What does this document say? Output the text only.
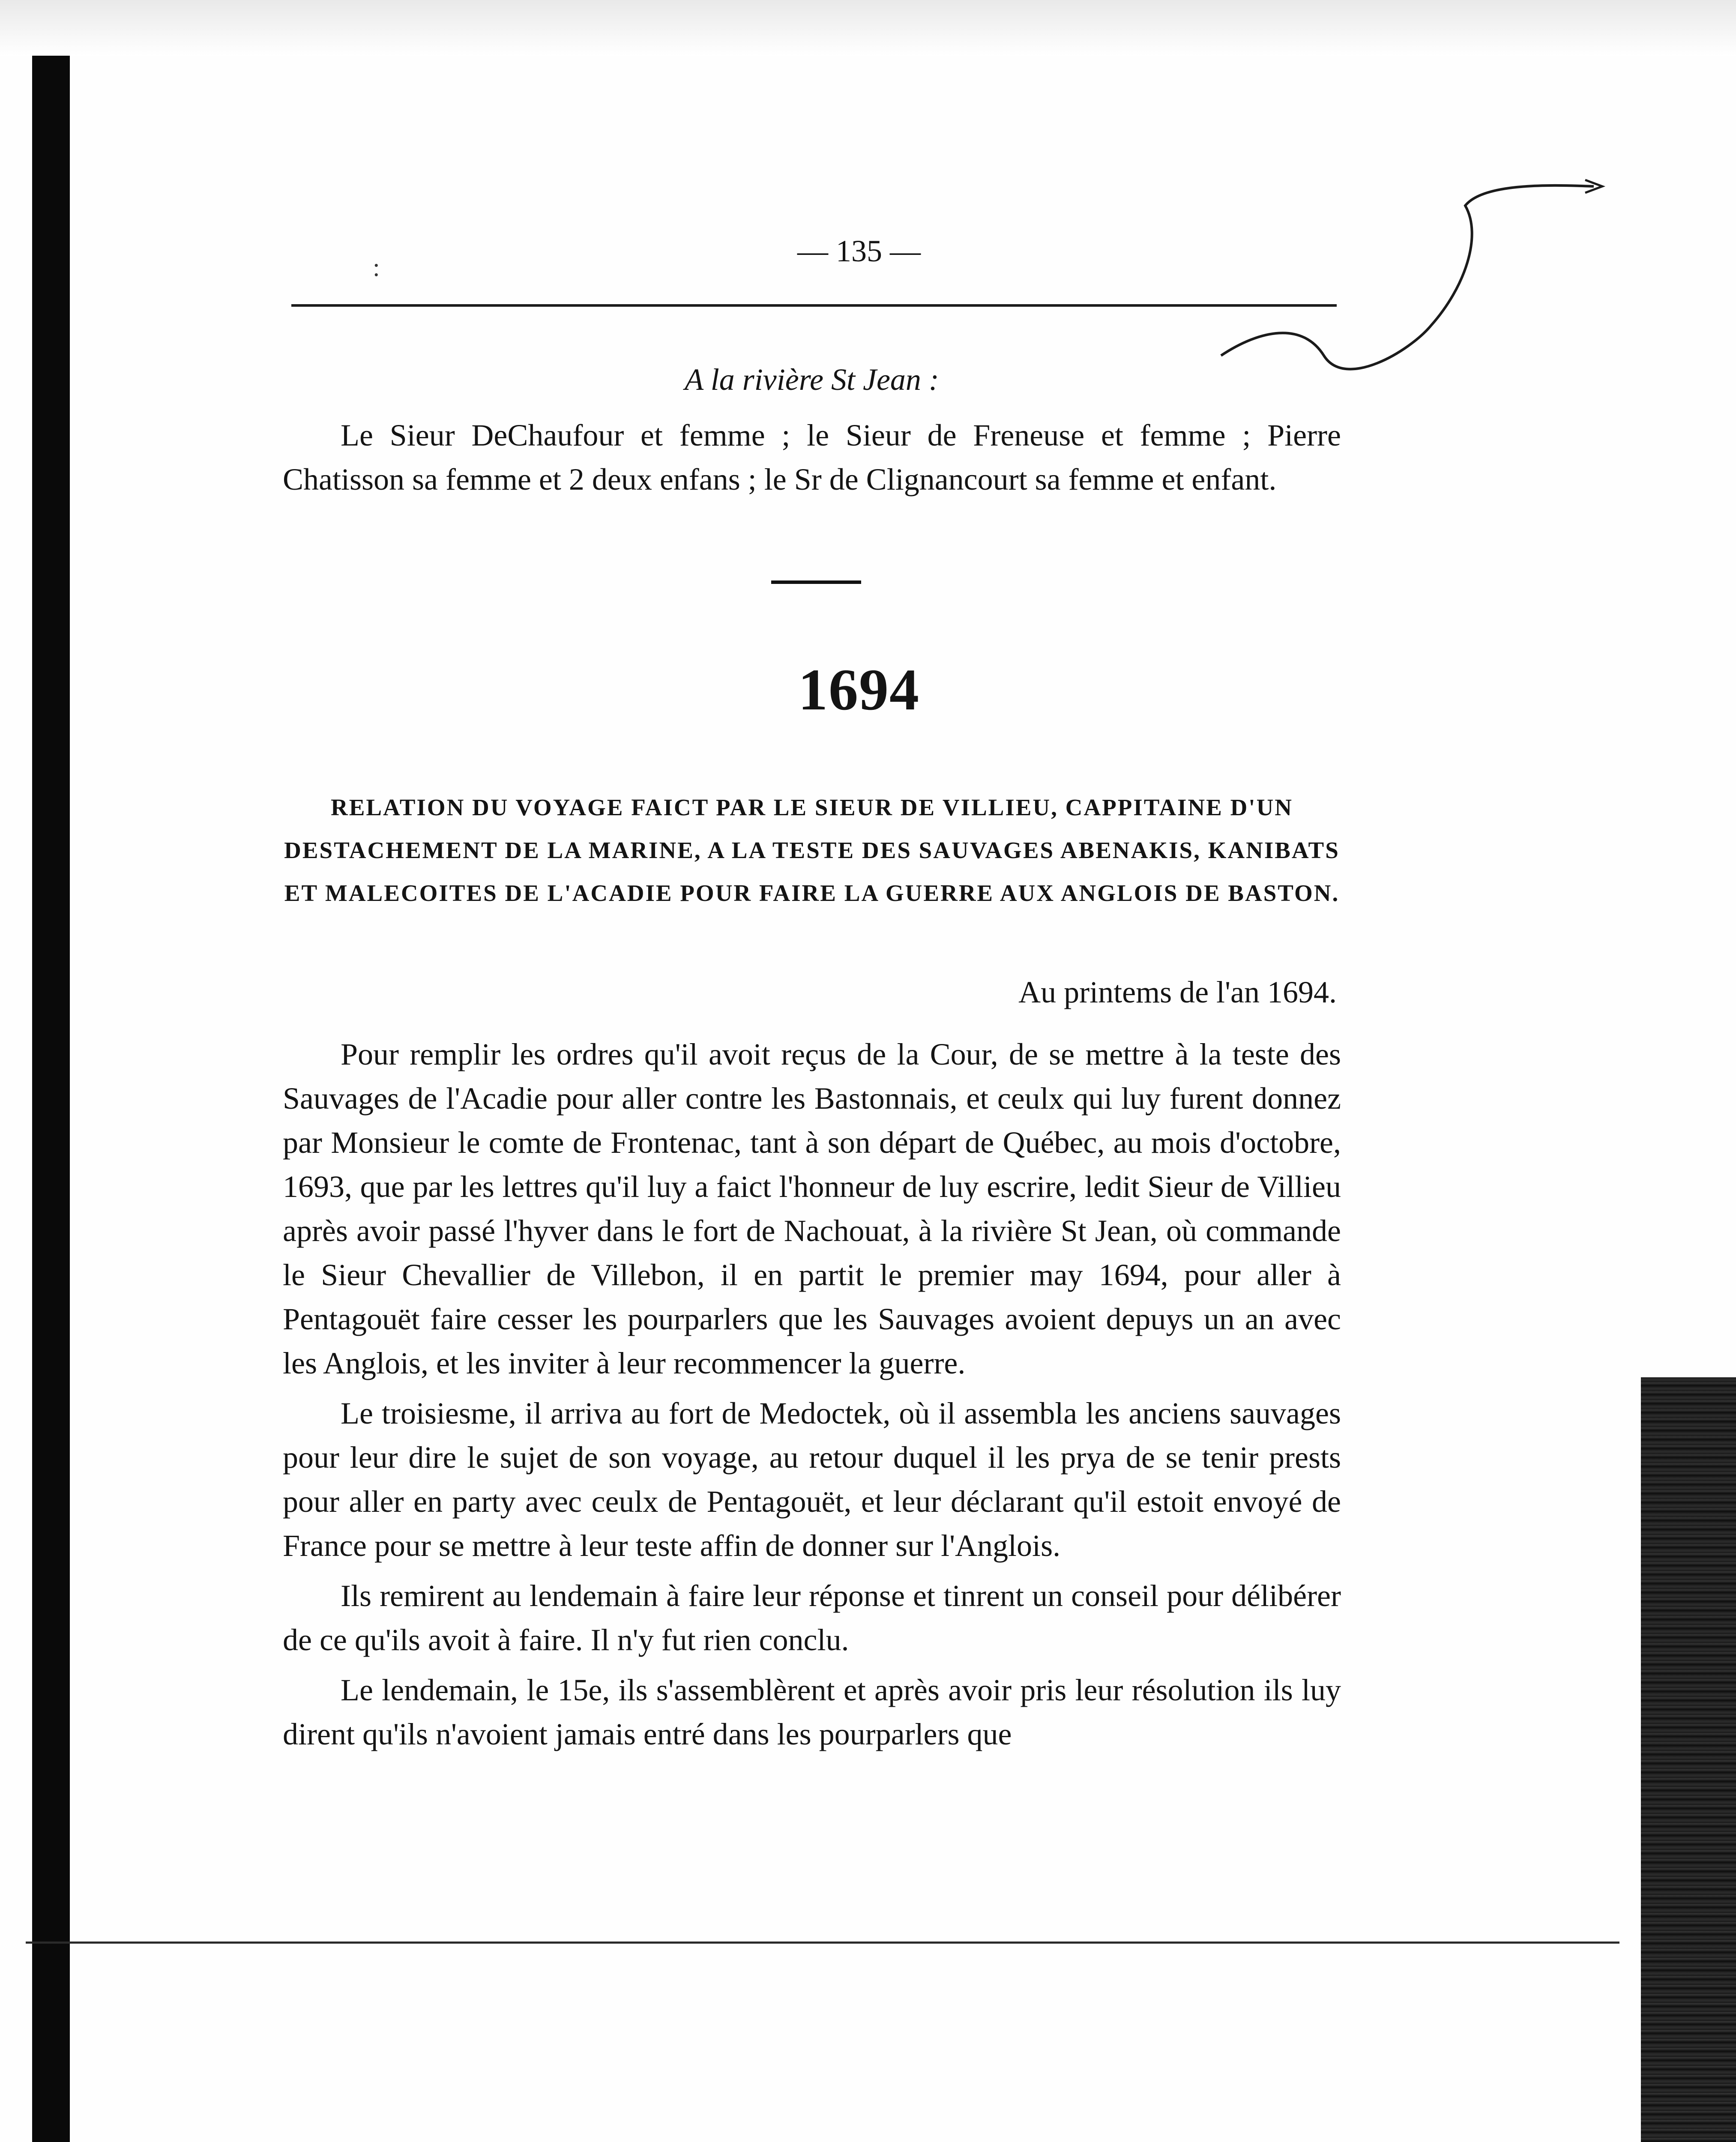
:	— 135 —
A la rivière St Jean :

Le Sieur DeChaufour et femme ; le Sieur de Freneuse et femme ; Pierre Chatisson sa femme et 2 deux enfans ; le Sr de Clignancourt sa femme et enfant.

1694
RELATION DU VOYAGE FAICT PAR LE SIEUR DE VILLIEU, CAPPITAINE D'UN DESTACHEMENT DE LA MARINE, A LA TESTE DES SAUVAGES ABENAKIS, KANIBATS ET MALECOITES DE L'ACADIE POUR FAIRE LA GUERRE AUX ANGLOIS DE BASTON.
Au printems de l'an 1694.

Pour remplir les ordres qu'il avoit reçus de la Cour, de se mettre à la teste des Sauvages de l'Acadie pour aller contre les Bastonnais, et ceulx qui luy furent donnez par Monsieur le comte de Frontenac, tant à son départ de Québec, au mois d'octobre, 1693, que par les lettres qu'il luy a faict l'honneur de luy escrire, ledit Sieur de Villieu après avoir passé l'hyver dans le fort de Nachouat, à la rivière St Jean, où commande le Sieur Chevallier de Villebon, il en partit le premier may 1694, pour aller à Pentagouët faire cesser les pourparlers que les Sauvages avoient depuys un an avec les Anglois, et les inviter à leur recommencer la guerre.

Le troisiesme, il arriva au fort de Medoctek, où il assembla les anciens sauvages pour leur dire le sujet de son voyage, au retour duquel il les prya de se tenir prests pour aller en party avec ceulx de Pentagouët, et leur déclarant qu'il estoit envoyé de France pour se mettre à leur teste affin de donner sur l'Anglois.

Ils remirent au lendemain à faire leur réponse et tinrent un conseil pour délibérer de ce qu'ils avoit à faire. Il n'y fut rien conclu.

Le lendemain, le 15e, ils s'assemblèrent et après avoir pris leur résolution ils luy dirent qu'ils n'avoient jamais entré dans les pourparlers que
